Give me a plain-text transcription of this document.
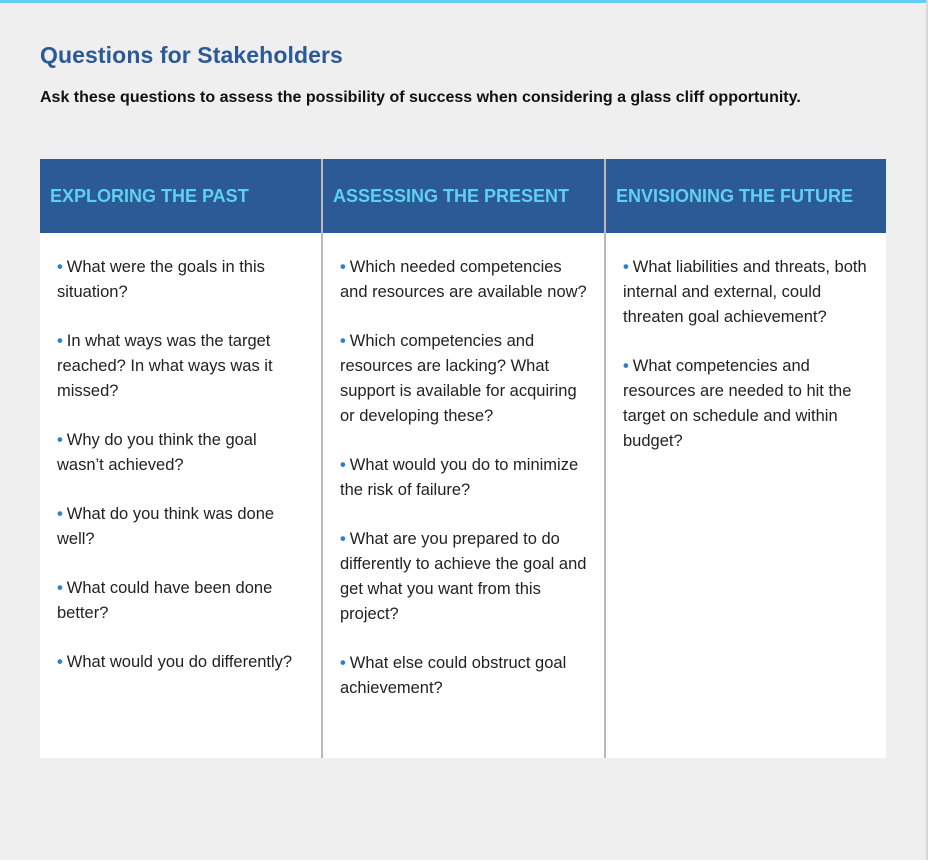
Questions for Stakeholders

Ask these questions to assess the possibility of success when considering a glass cliff opportunity.

EXPLORING THE PAST

• What were the goals in this situation?

• In what ways was the target reached? In what ways was it missed?

• Why do you think the goal wasn’t achieved?

• What do you think was done well?

• What could have been done better?

• What would you do differently?

ASSESSING THE PRESENT

• Which needed competencies and resources are available now?

• Which competencies and resources are lacking? What support is available for acquiring or developing these?

• What would you do to minimize the risk of failure?

• What are you prepared to do differently to achieve the goal and get what you want from this project?

• What else could obstruct goal achievement?

ENVISIONING THE FUTURE

• What liabilities and threats, both internal and external, could threaten goal achievement?

• What competencies and resources are needed to hit the target on schedule and within budget?
